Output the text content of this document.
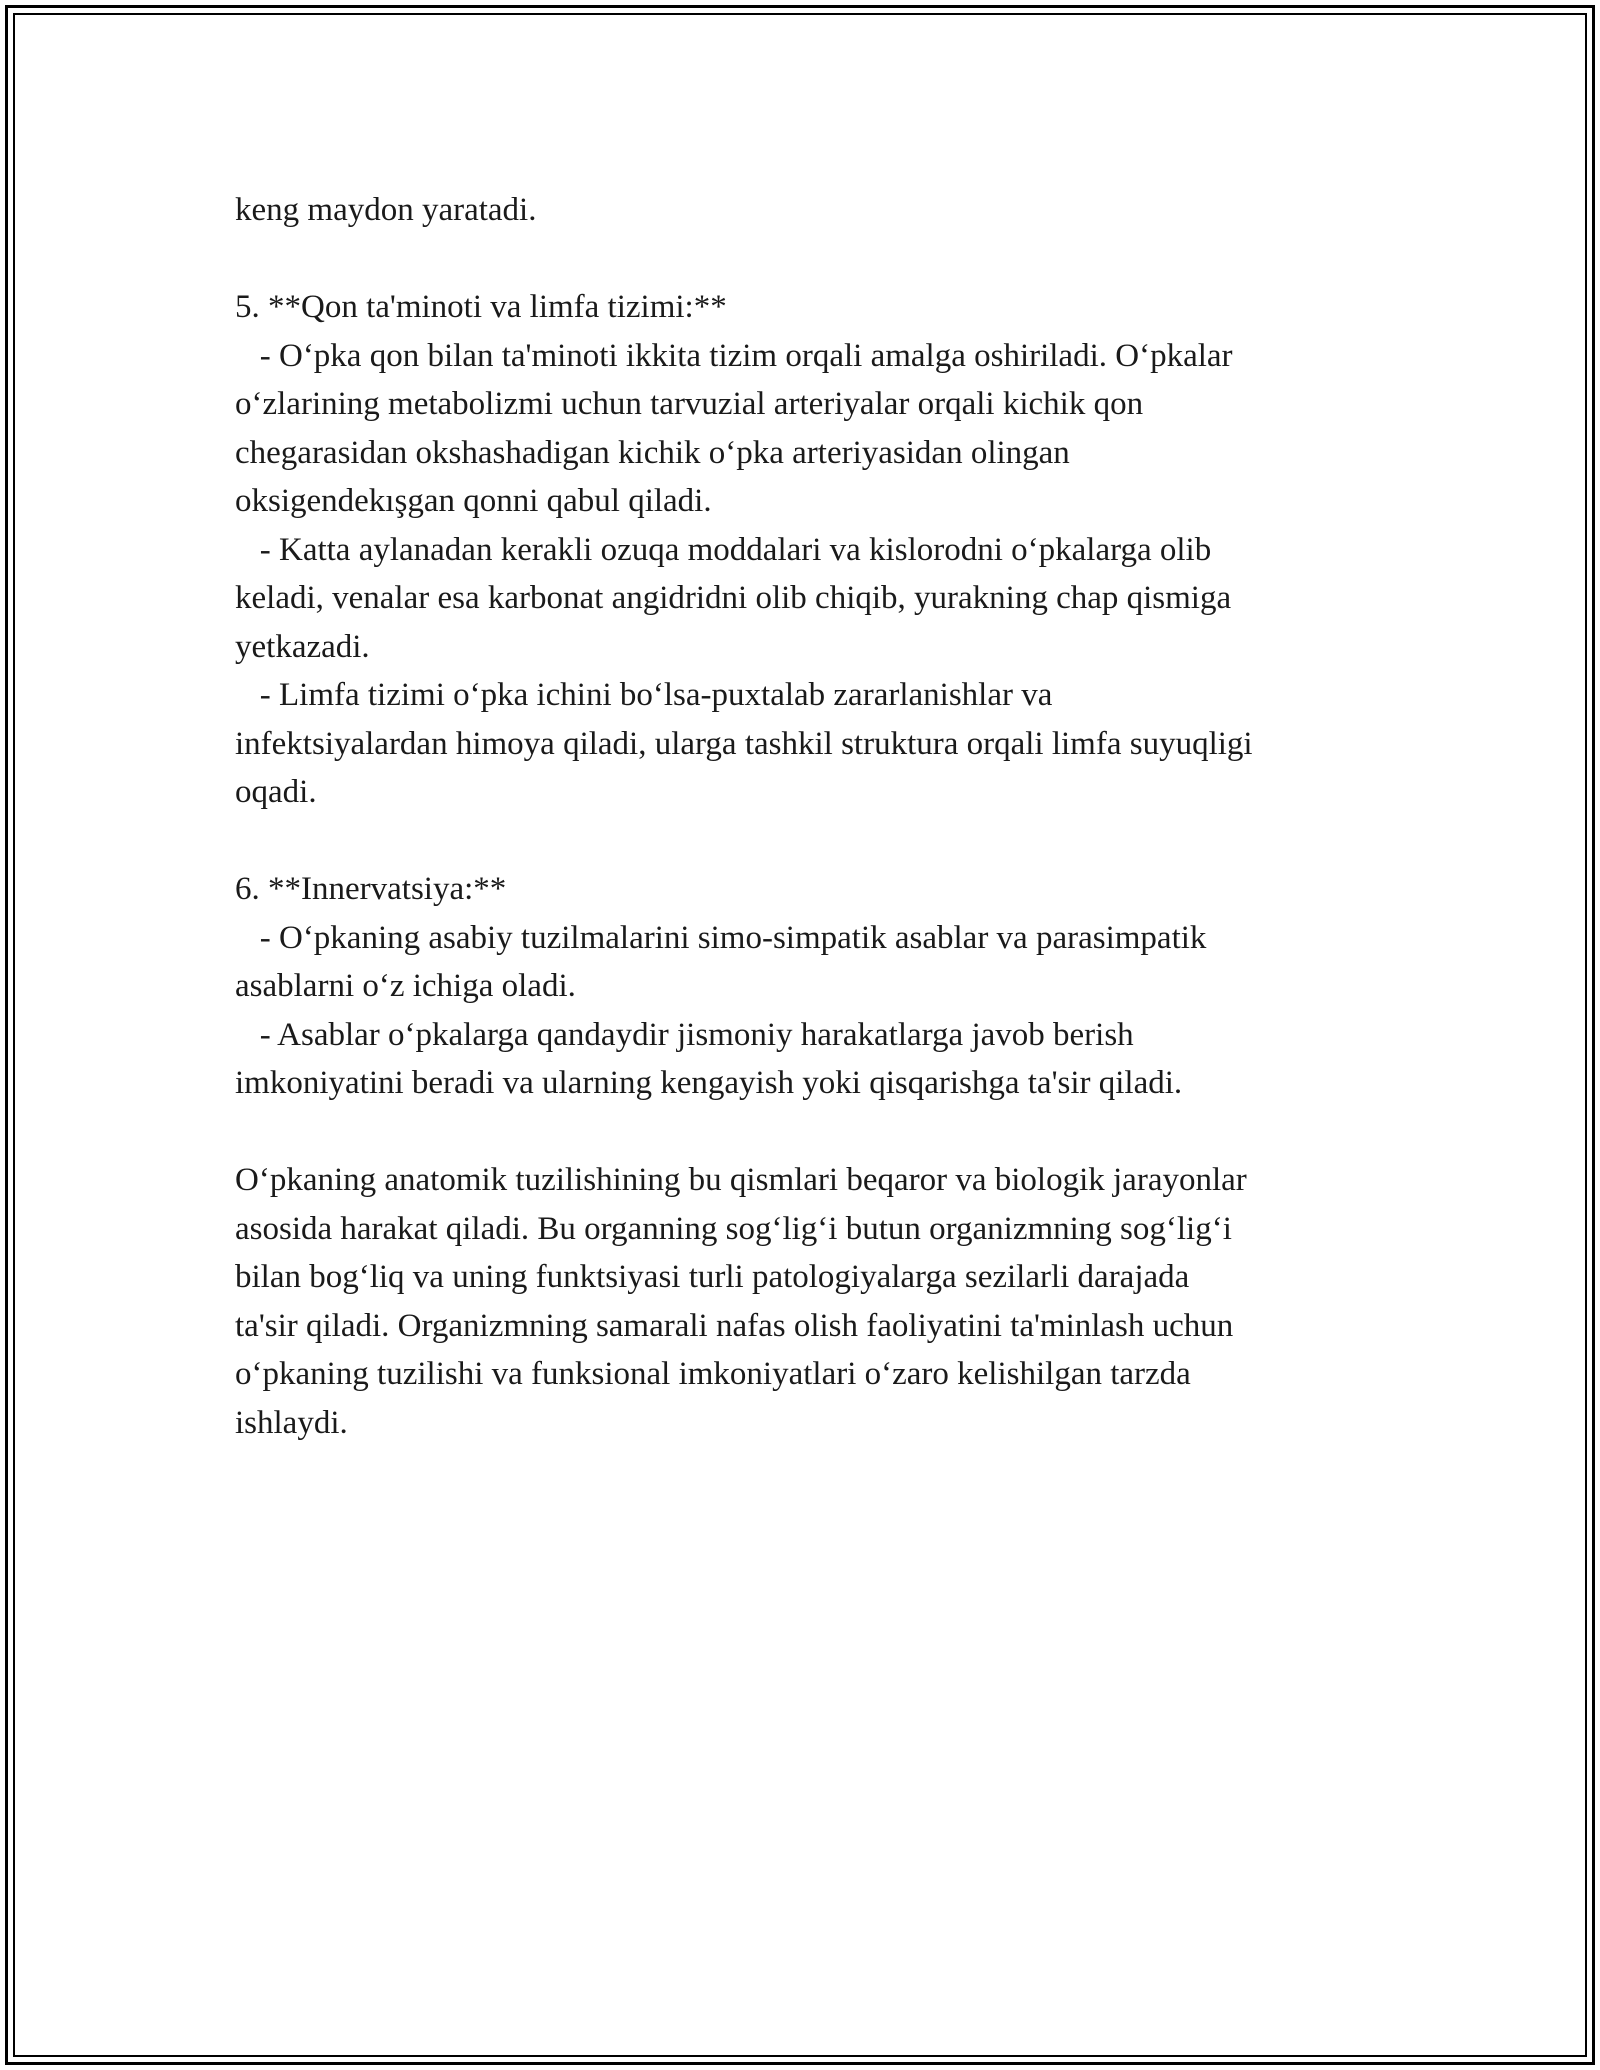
keng maydon yaratadi.
5. **Qon ta'minoti va limfa tizimi:**
- O‘pka qon bilan ta'minoti ikkita tizim orqali amalga oshiriladi. O‘pkalar
o‘zlarining metabolizmi uchun tarvuzial arteriyalar orqali kichik qon
chegarasidan okshashadigan kichik o‘pka arteriyasidan olingan
oksigendekışgan qonni qabul qiladi.
- Katta aylanadan kerakli ozuqa moddalari va kislorodni o‘pkalarga olib
keladi, venalar esa karbonat angidridni olib chiqib, yurakning chap qismiga
yetkazadi.
- Limfa tizimi o‘pka ichini bo‘lsa-puxtalab zararlanishlar va
infektsiyalardan himoya qiladi, ularga tashkil struktura orqali limfa suyuqligi
oqadi.
6. **Innervatsiya:**
- O‘pkaning asabiy tuzilmalarini simo-simpatik asablar va parasimpatik
asablarni o‘z ichiga oladi.
- Asablar o‘pkalarga qandaydir jismoniy harakatlarga javob berish
imkoniyatini beradi va ularning kengayish yoki qisqarishga ta'sir qiladi.
O‘pkaning anatomik tuzilishining bu qismlari beqaror va biologik jarayonlar
asosida harakat qiladi. Bu organning sog‘lig‘i butun organizmning sog‘lig‘i
bilan bog‘liq va uning funktsiyasi turli patologiyalarga sezilarli darajada
ta'sir qiladi. Organizmning samarali nafas olish faoliyatini ta'minlash uchun
o‘pkaning tuzilishi va funksional imkoniyatlari o‘zaro kelishilgan tarzda
ishlaydi.
